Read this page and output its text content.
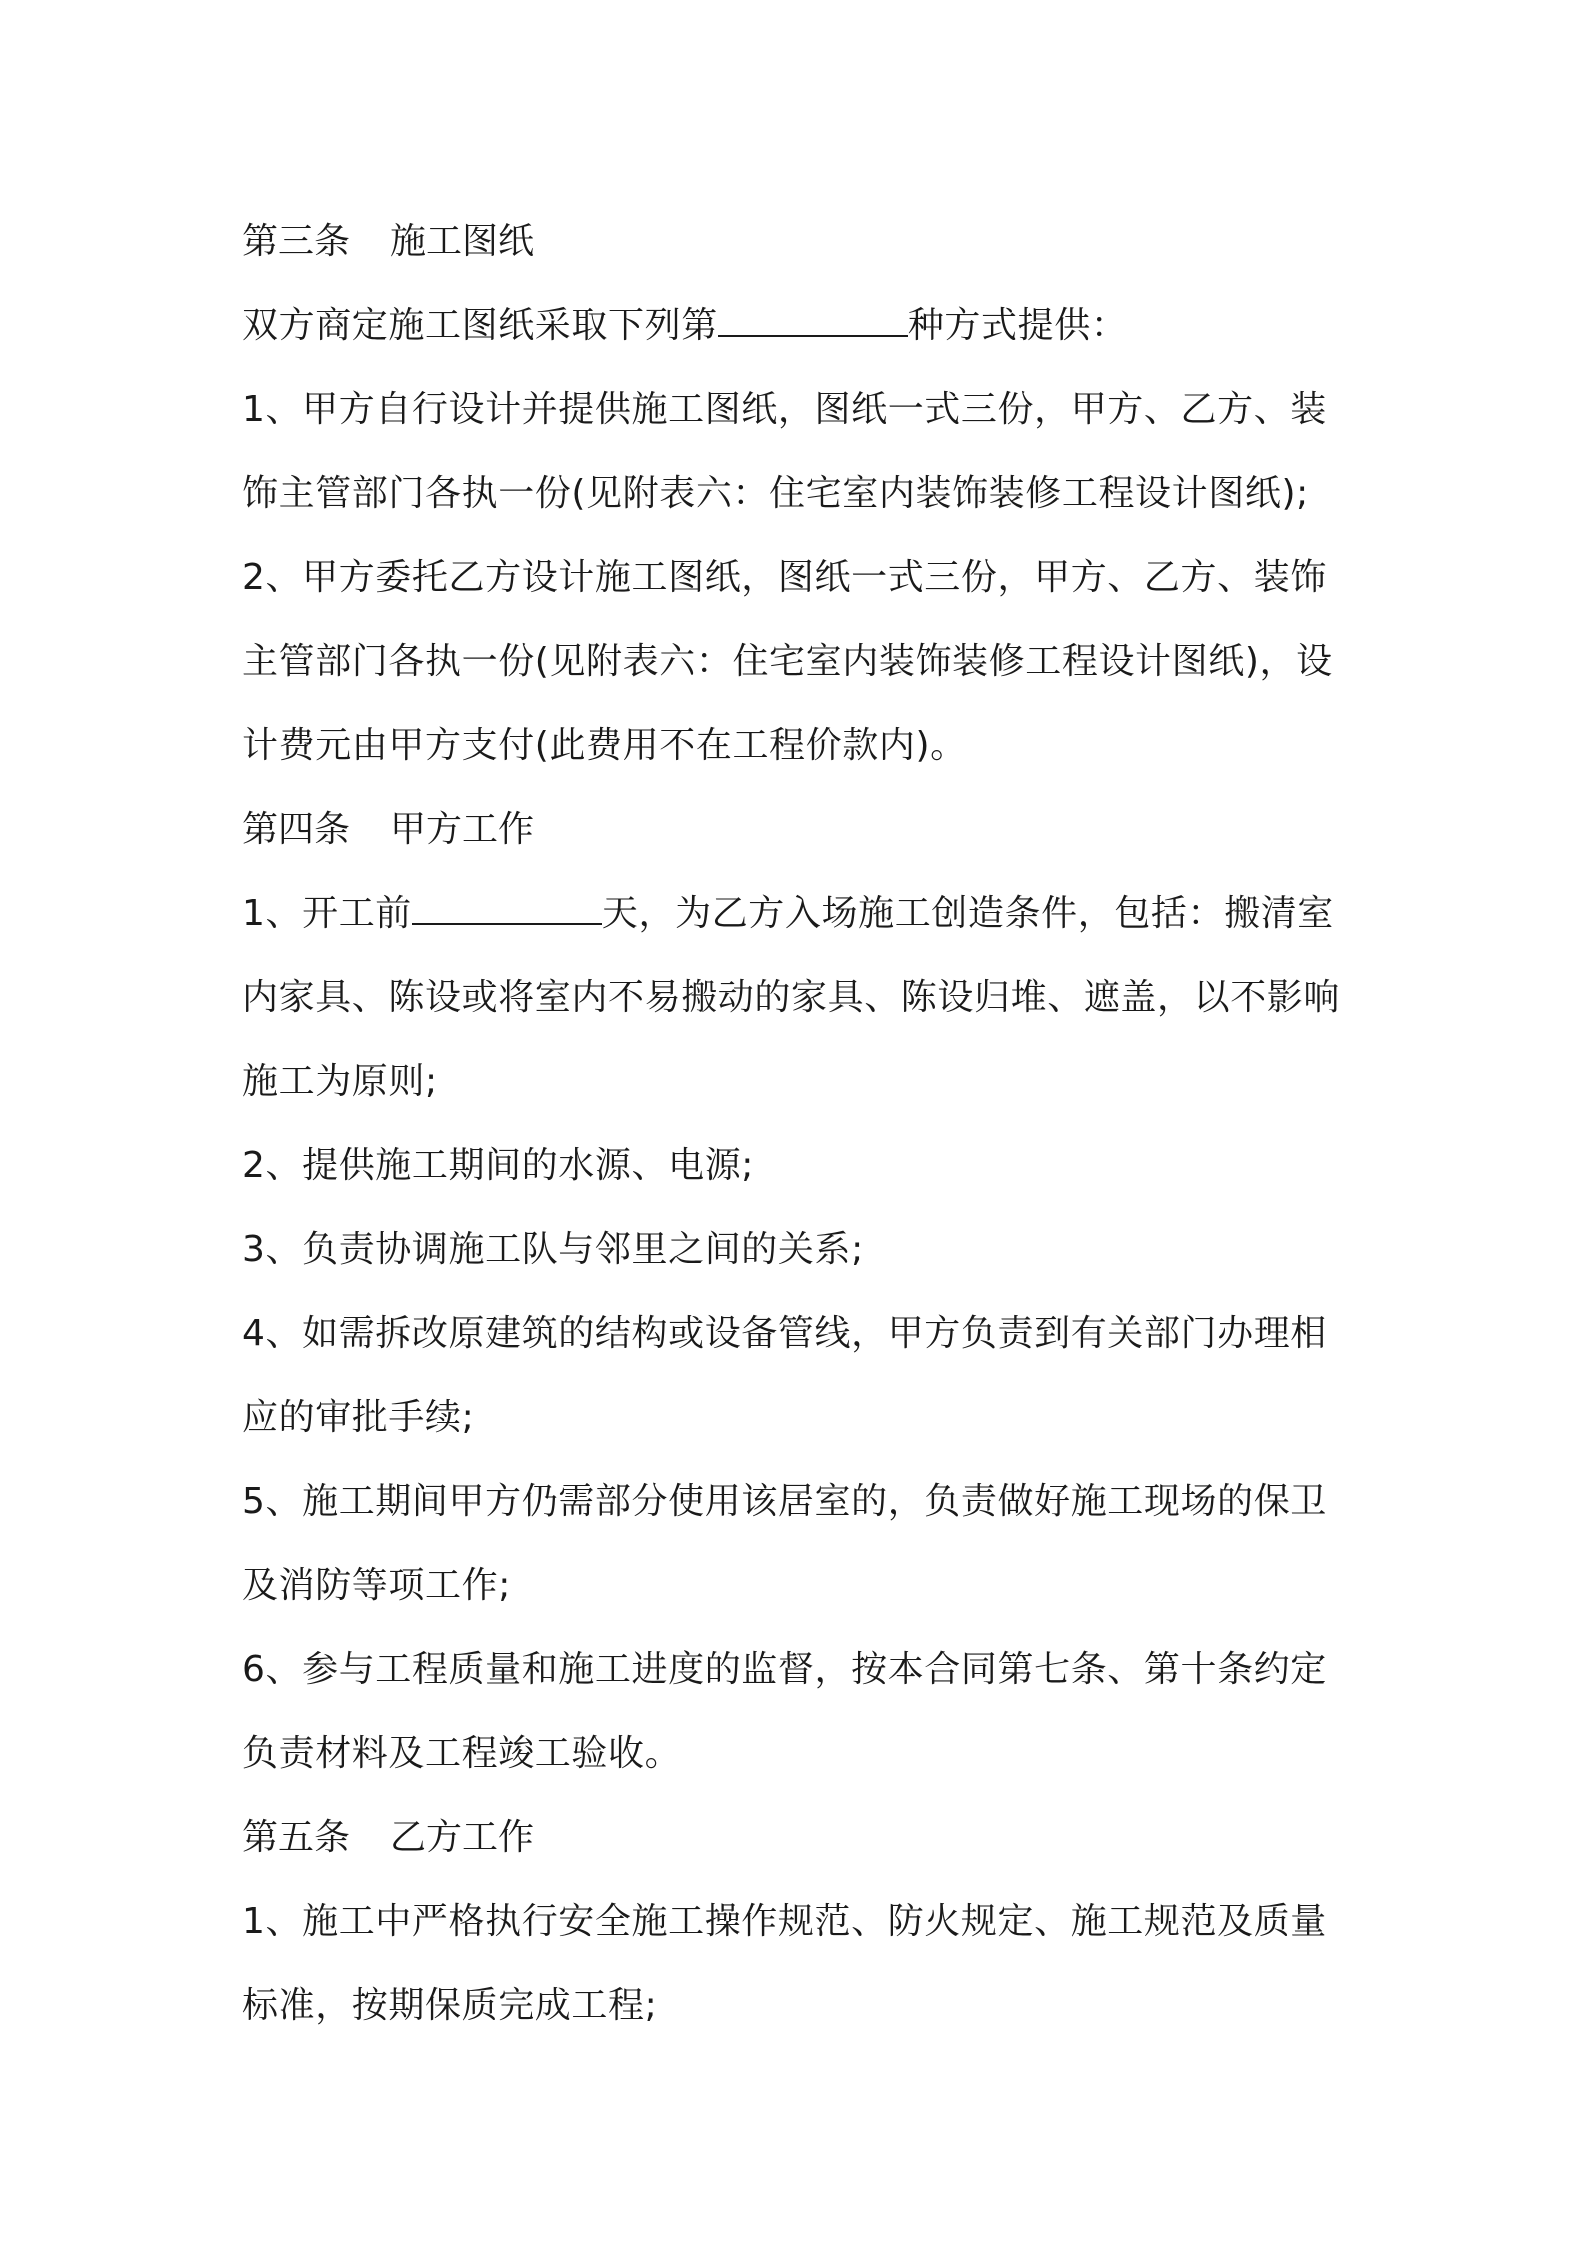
第三条 施工图纸
双方商定施工图纸采取下列第	种方式提供：
1、甲方自行设计并提供施工图纸，图纸一式三份，甲方、乙方、装
饰主管部门各执一份(见附表六：住宅室内装饰装修工程设计图纸);
2、甲方委托乙方设计施工图纸，图纸一式三份，甲方、乙方、装饰
主管部门各执一份(见附表六：住宅室内装饰装修工程设计图纸)，设
计费元由甲方支付(此费用不在工程价款内)。
第四条 甲方工作
1、开工前	天，为乙方入场施工创造条件，包括：搬清室
内家具、陈设或将室内不易搬动的家具、陈设归堆、遮盖，以不影响
施工为原则;
2、提供施工期间的水源、电源;
3、负责协调施工队与邻里之间的关系;
4、如需拆改原建筑的结构或设备管线，甲方负责到有关部门办理相
应的审批手续;
5、施工期间甲方仍需部分使用该居室的，负责做好施工现场的保卫
及消防等项工作;
6、参与工程质量和施工进度的监督，按本合同第七条、第十条约定
负责材料及工程竣工验收。
第五条 乙方工作
1、施工中严格执行安全施工操作规范、防火规定、施工规范及质量
标准，按期保质完成工程;
